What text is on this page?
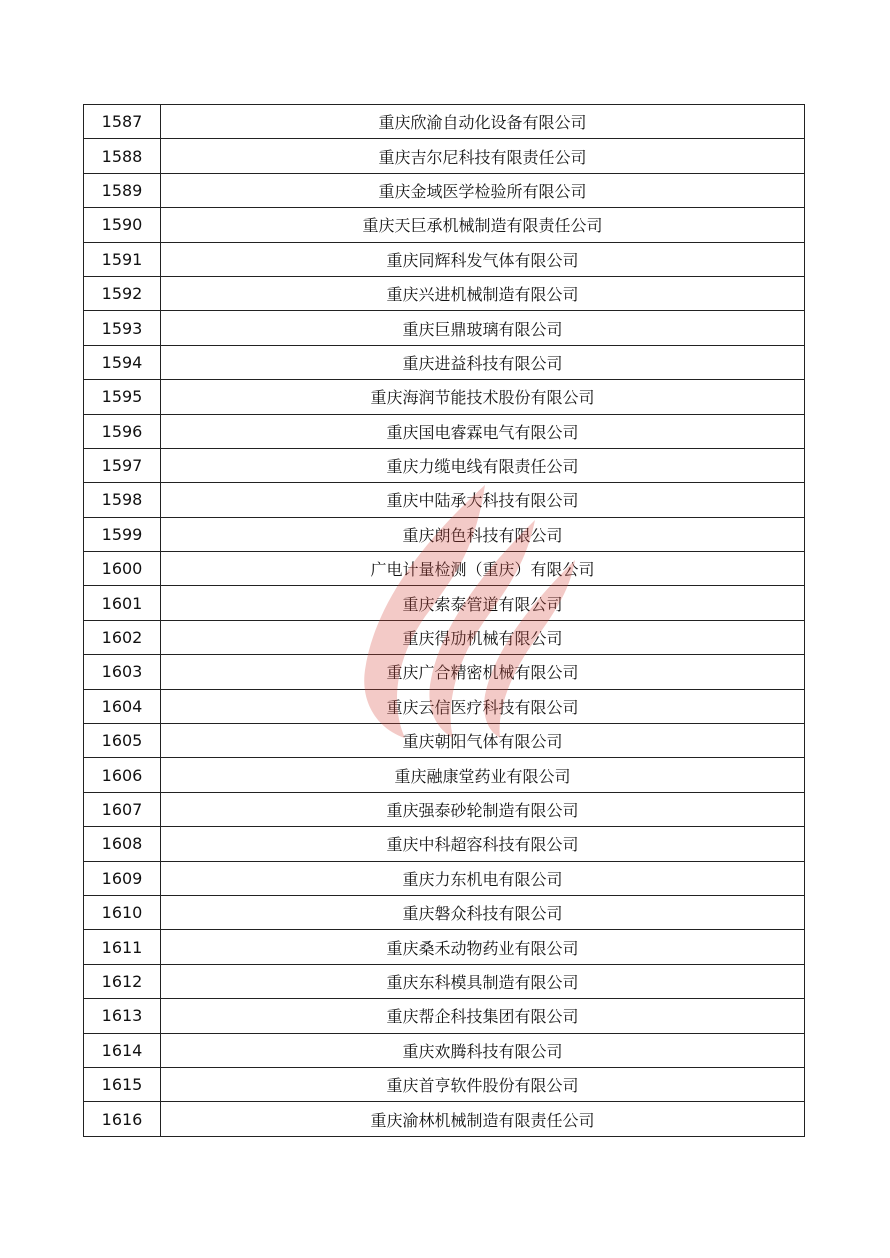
1587	重庆欣渝自动化设备有限公司
1588	重庆吉尔尼科技有限责任公司
1589	重庆金域医学检验所有限公司
1590	重庆天巨承机械制造有限责任公司
1591	重庆同辉科发气体有限公司
1592	重庆兴进机械制造有限公司
1593	重庆巨鼎玻璃有限公司
1594	重庆进益科技有限公司
1595	重庆海润节能技术股份有限公司
1596	重庆国电睿霖电气有限公司
1597	重庆力缆电线有限责任公司
1598	重庆中陆承大科技有限公司
1599	重庆朗色科技有限公司
1600	广电计量检测（重庆）有限公司
1601	重庆索泰管道有限公司
1602	重庆得劢机械有限公司
1603	重庆广合精密机械有限公司
1604	重庆云信医疗科技有限公司
1605	重庆朝阳气体有限公司
1606	重庆融康堂药业有限公司
1607	重庆强泰砂轮制造有限公司
1608	重庆中科超容科技有限公司
1609	重庆力东机电有限公司
1610	重庆磐众科技有限公司
1611	重庆桑禾动物药业有限公司
1612	重庆东科模具制造有限公司
1613	重庆帮企科技集团有限公司
1614	重庆欢腾科技有限公司
1615	重庆首亨软件股份有限公司
1616	重庆渝林机械制造有限责任公司
